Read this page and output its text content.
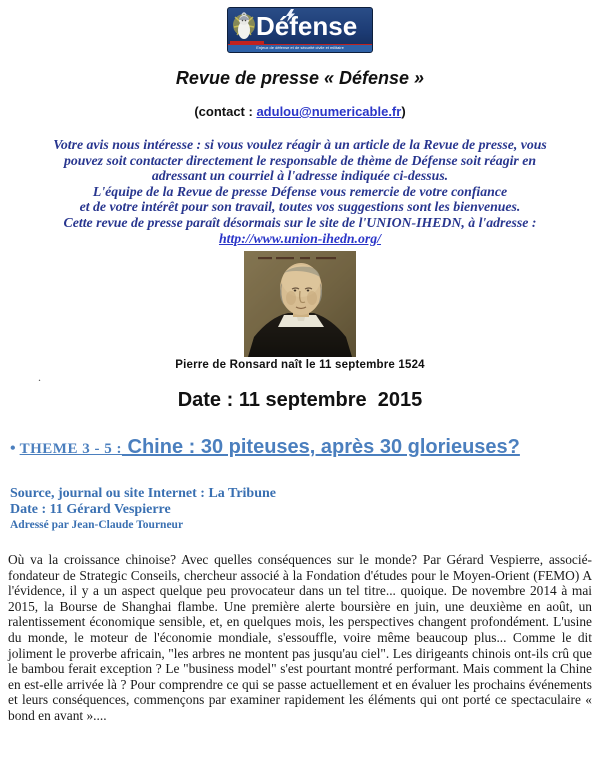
Défense
Enjeux de défense et de sécurité civile et militaire
Revue de presse « Défense »
(contact : adulou@numericable.fr)
Votre avis nous intéresse : si vous voulez réagir à un article de la Revue de presse, vous
pouvez soit contacter directement le responsable de thème de Défense soit réagir en
adressant un courriel à l'adresse indiquée ci-dessus.
L'équipe de la Revue de presse Défense vous remercie de votre confiance
et de votre intérêt pour son travail, toutes vos suggestions sont les bienvenues.
Cette revue de presse paraît désormais sur le site de l'UNION-IHEDN, à l'adresse :
http://www.union-ihedn.org/
Pierre de Ronsard naît le 11 septembre 1524
.
Date : 11 septembre  2015
• THEME 3 - 5 : Chine : 30 piteuses, après 30 glorieuses?
Source, journal ou site Internet : La Tribune
Date : 11 Gérard Vespierre
Adressé par Jean-Claude Tourneur
Où va la croissance chinoise? Avec quelles conséquences sur le monde? Par Gérard Vespierre, associé-fondateur de Strategic Conseils, chercheur associé à la Fondation d'études pour le Moyen-Orient (FEMO) A l'évidence, il y a un aspect quelque peu provocateur dans un tel titre... quoique. De novembre 2014 à mai 2015, la Bourse de Shanghai flambe. Une première alerte boursière en juin, une deuxième en août, un ralentissement économique sensible, et, en quelques mois, les perspectives changent profondément. L'usine du monde, le moteur de l'économie mondiale, s'essouffle, voire même beaucoup plus... Comme le dit joliment le proverbe africain, "les arbres ne montent pas jusqu'au ciel". Les dirigeants chinois ont-ils crû que le bambou ferait exception ? Le "business model" s'est pourtant montré performant. Mais comment la Chine en est-elle arrivée là ? Pour comprendre ce qui se passe actuellement et en évaluer les prochains événements et leurs conséquences, commençons par examiner rapidement les éléments qui ont porté ce spectaculaire « bond en avant »....
